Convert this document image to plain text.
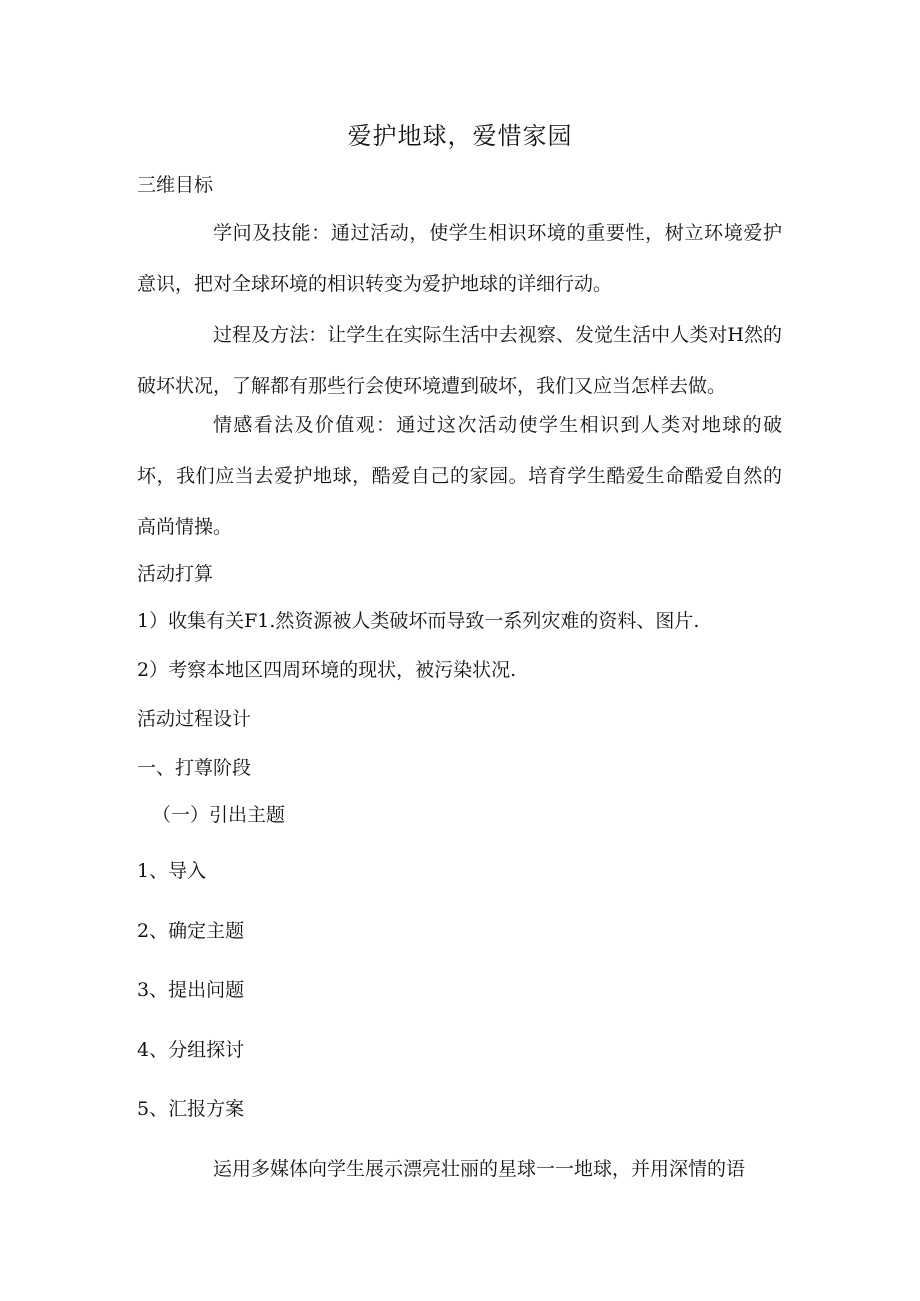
爱护地球，爱惜家园
三维目标

学问及技能：通过活动，使学生相识环境的重要性，树立环境爱护意识，把对全球环境的相识转变为爱护地球的详细行动。

过程及方法：让学生在实际生活中去视察、发觉生活中人类对H然的破坏状况，了解都有那些行会使环境遭到破坏，我们又应当怎样去做。

情感看法及价值观：通过这次活动使学生相识到人类对地球的破坏，我们应当去爱护地球，酷爱自己的家园。培育学生酷爱生命酷爱自然的高尚情操。

活动打算

1）收集有关F1.然资源被人类破坏而导致一系列灾难的资料、图片.

2）考察本地区四周环境的现状，被污染状况.

活动过程设计

一、打尊阶段

（一）引出主题

1、导入

2、确定主题

3、提出问题

4、分组探讨

5、汇报方案

运用多媒体向学生展示漂亮壮丽的星球一一地球，并用深情的语
